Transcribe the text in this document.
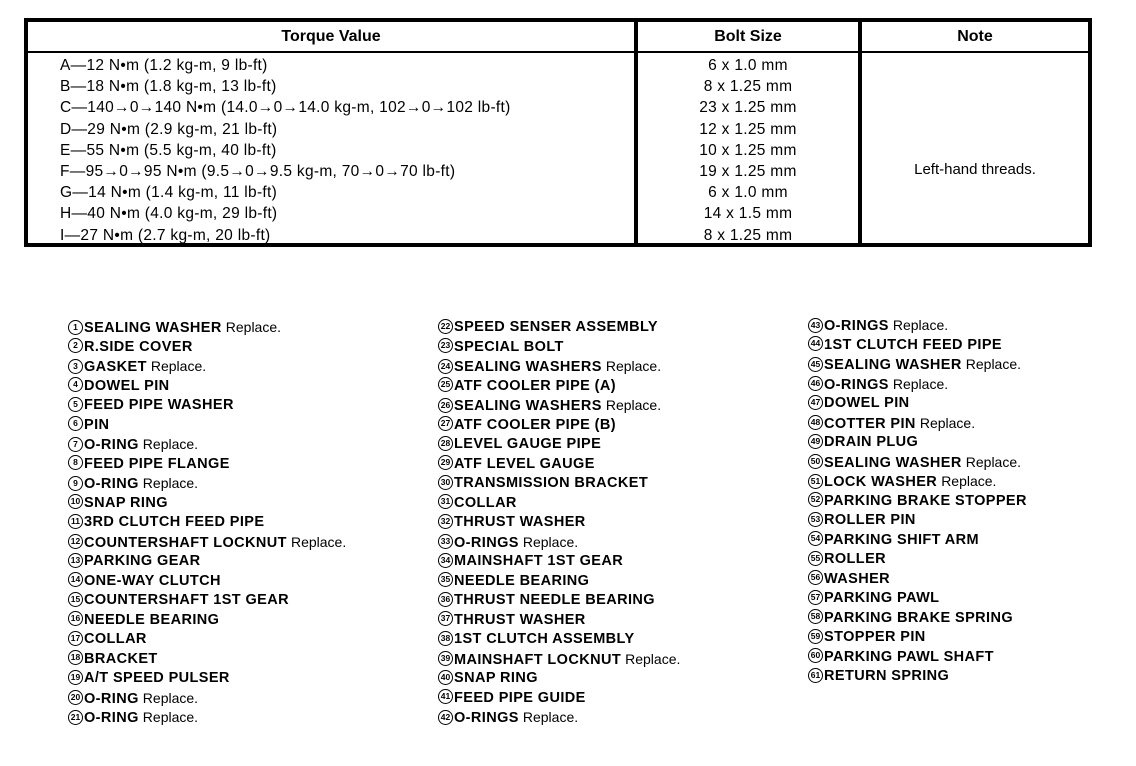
Torque Value	Bolt Size	Note
A—12 N•m (1.2 kg-m, 9 lb-ft)	6 x 1.0 mm
B—18 N•m (1.8 kg-m, 13 lb-ft)	8 x 1.25 mm
C—140→0→140 N•m (14.0→0→14.0 kg-m, 102→0→102 lb-ft)	23 x 1.25 mm
D—29 N•m (2.9 kg-m, 21 lb-ft)	12 x 1.25 mm
E—55 N•m (5.5 kg-m, 40 lb-ft)	10 x 1.25 mm
F—95→0→95 N•m (9.5→0→9.5 kg-m, 70→0→70 lb-ft)	19 x 1.25 mm
G—14 N•m (1.4 kg-m, 11 lb-ft)	6 x 1.0 mm
H—40 N•m (4.0 kg-m, 29 lb-ft)	14 x 1.5 mm
I—27 N•m (2.7 kg-m, 20 lb-ft)	8 x 1.25 mm
Left-hand threads.
1 SEALING WASHER Replace.
2 R.SIDE COVER
3 GASKET Replace.
4 DOWEL PIN
5 FEED PIPE WASHER
6 PIN
7 O-RING Replace.
8 FEED PIPE FLANGE
9 O-RING Replace.
10 SNAP RING
11 3RD CLUTCH FEED PIPE
12 COUNTERSHAFT LOCKNUT Replace.
13 PARKING GEAR
14 ONE-WAY CLUTCH
15 COUNTERSHAFT 1ST GEAR
16 NEEDLE BEARING
17 COLLAR
18 BRACKET
19 A/T SPEED PULSER
20 O-RING Replace.
21 O-RING Replace.
22 SPEED SENSER ASSEMBLY
23 SPECIAL BOLT
24 SEALING WASHERS Replace.
25 ATF COOLER PIPE (A)
26 SEALING WASHERS Replace.
27 ATF COOLER PIPE (B)
28 LEVEL GAUGE PIPE
29 ATF LEVEL GAUGE
30 TRANSMISSION BRACKET
31 COLLAR
32 THRUST WASHER
33 O-RINGS Replace.
34 MAINSHAFT 1ST GEAR
35 NEEDLE BEARING
36 THRUST NEEDLE BEARING
37 THRUST WASHER
38 1ST CLUTCH ASSEMBLY
39 MAINSHAFT LOCKNUT Replace.
40 SNAP RING
41 FEED PIPE GUIDE
42 O-RINGS Replace.
43 O-RINGS Replace.
44 1ST CLUTCH FEED PIPE
45 SEALING WASHER Replace.
46 O-RINGS Replace.
47 DOWEL PIN
48 COTTER PIN Replace.
49 DRAIN PLUG
50 SEALING WASHER Replace.
51 LOCK WASHER Replace.
52 PARKING BRAKE STOPPER
53 ROLLER PIN
54 PARKING SHIFT ARM
55 ROLLER
56 WASHER
57 PARKING PAWL
58 PARKING BRAKE SPRING
59 STOPPER PIN
60 PARKING PAWL SHAFT
61 RETURN SPRING
